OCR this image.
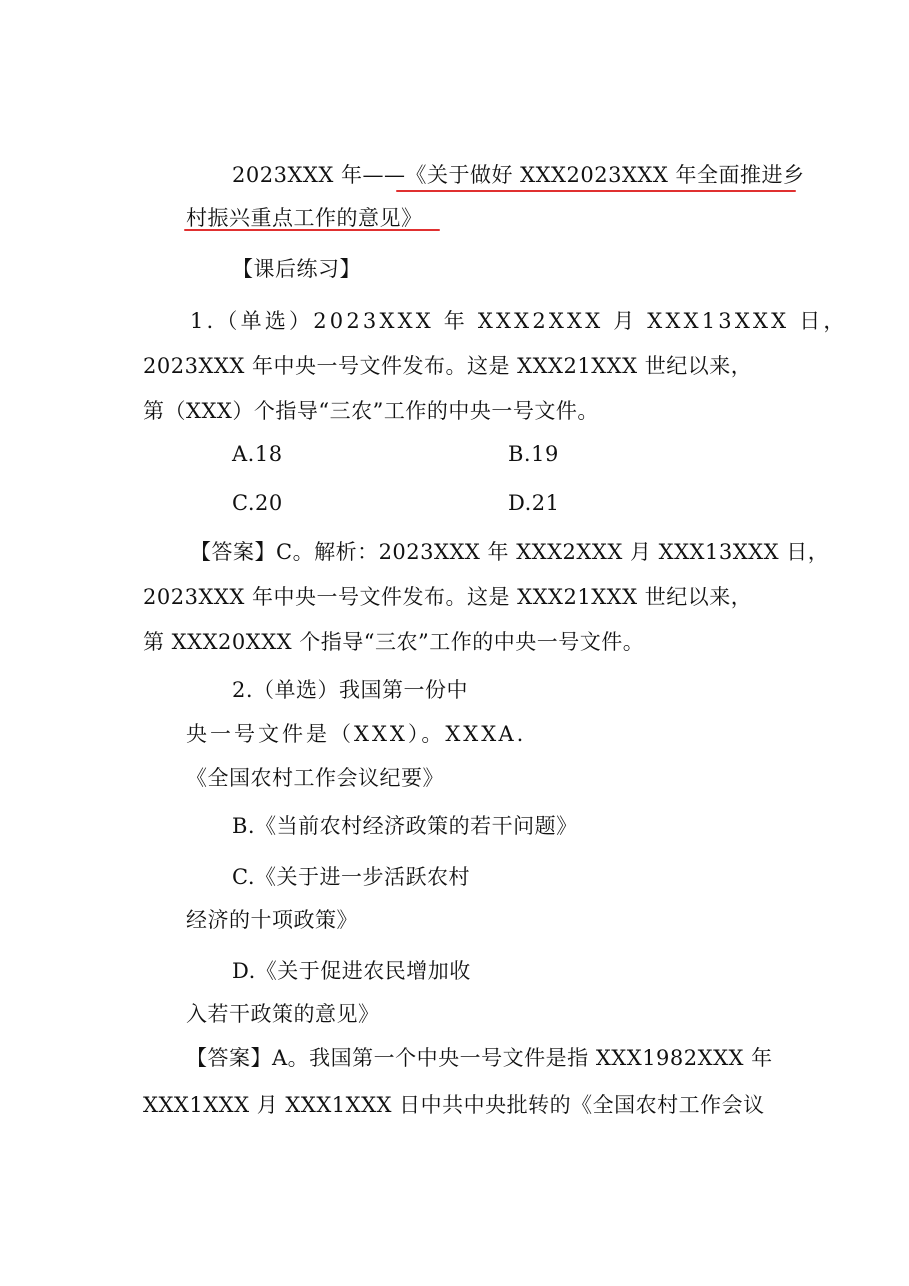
2023XXX 年——《关于做好 XXX2023XXX 年全面推进乡

村振兴重点工作的意见》

【课后练习】

1.（单选）2023XXX 年 XXX2XXX 月 XXX13XXX 日，

2023XXX 年中央一号文件发布。这是 XXX21XXX 世纪以来，

第（XXX）个指导“三农”工作的中央一号文件。

A.18	B.19

C.20	D.21

【答案】C。解析：2023XXX 年 XXX2XXX 月 XXX13XXX 日，

2023XXX 年中央一号文件发布。这是 XXX21XXX 世纪以来，

第 XXX20XXX 个指导“三农”工作的中央一号文件。

2.（单选）我国第一份中

央一号文件是（XXX）。XXXA.

《全国农村工作会议纪要》

B.《当前农村经济政策的若干问题》

C.《关于进一步活跃农村

经济的十项政策》

D.《关于促进农民增加收

入若干政策的意见》

【答案】A。我国第一个中央一号文件是指 XXX1982XXX 年

XXX1XXX 月 XXX1XXX 日中共中央批转的《全国农村工作会议
